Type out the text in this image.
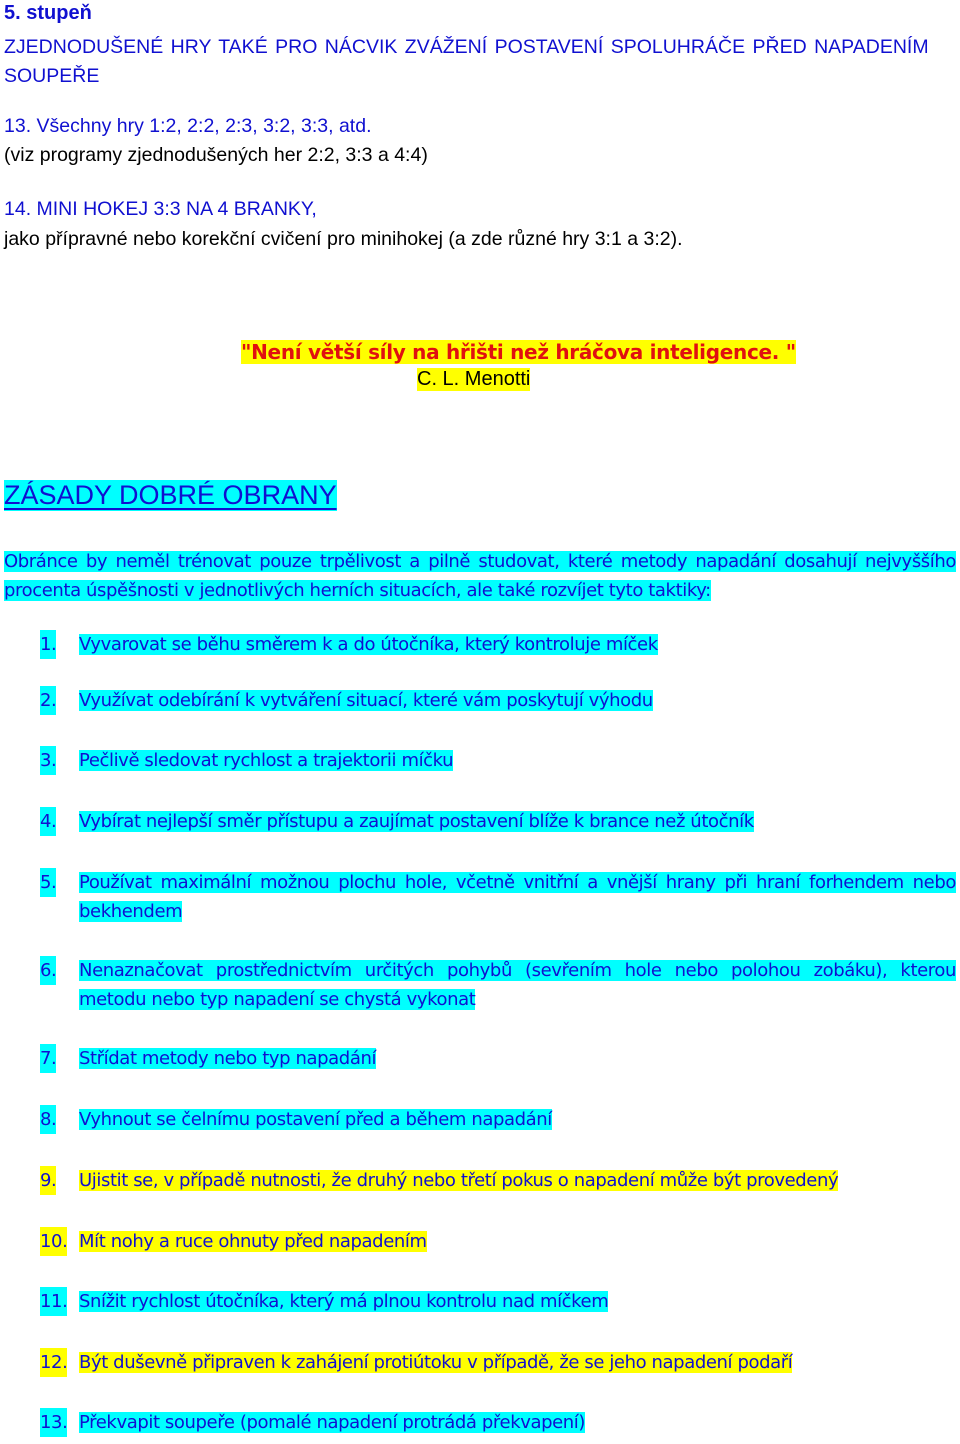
5. stupeň
ZJEDNODUŠENÉ HRY TAKÉ PRO NÁCVIK ZVÁŽENÍ POSTAVENÍ SPOLUHRÁČE PŘED NAPADENÍM SOUPEŘE
13. Všechny hry 1:2, 2:2, 2:3, 3:2, 3:3, atd.
(viz programy zjednodušených her 2:2, 3:3 a 4:4)
14. MINI HOKEJ 3:3 NA 4 BRANKY,
jako přípravné nebo korekční cvičení pro minihokej (a zde různé hry 3:1 a 3:2).
"Není větší síly na hřišti než hráčova inteligence. "
C. L. Menotti
ZÁSADY DOBRÉ OBRANY
Obránce by neměl trénovat pouze trpělivost a pilně studovat, které metody napadání dosahují nejvyššího procenta úspěšnosti v jednotlivých herních situacích, ale také rozvíjet tyto taktiky:
1. Vyvarovat se běhu směrem k a do útočníka, který kontroluje míček
2. Využívat odebírání k vytváření situací, které vám poskytují výhodu
3. Pečlivě sledovat rychlost a trajektorii míčku
4. Vybírat nejlepší směr přístupu a zaujímat postavení blíže k brance než útočník
5. Používat maximální možnou plochu hole, včetně vnitřní a vnější hrany při hraní forhendem nebo bekhendem
6. Nenaznačovat prostřednictvím určitých pohybů (sevřením hole nebo polohou zobáku), kterou metodu nebo typ napadení se chystá vykonat
7. Střídat metody nebo typ napadání
8. Vyhnout se čelnímu postavení před a během napadání
9. Ujistit se, v případě nutnosti, že druhý nebo třetí pokus o napadení může být provedený
10. Mít nohy a ruce ohnuty před napadením
11. Snížit rychlost útočníka, který má plnou kontrolu nad míčkem
12. Být duševně připraven k zahájení protiútoku v případě, že se jeho napadení podaří
13. Překvapit soupeře (pomalé napadení protrádá překvapení)
